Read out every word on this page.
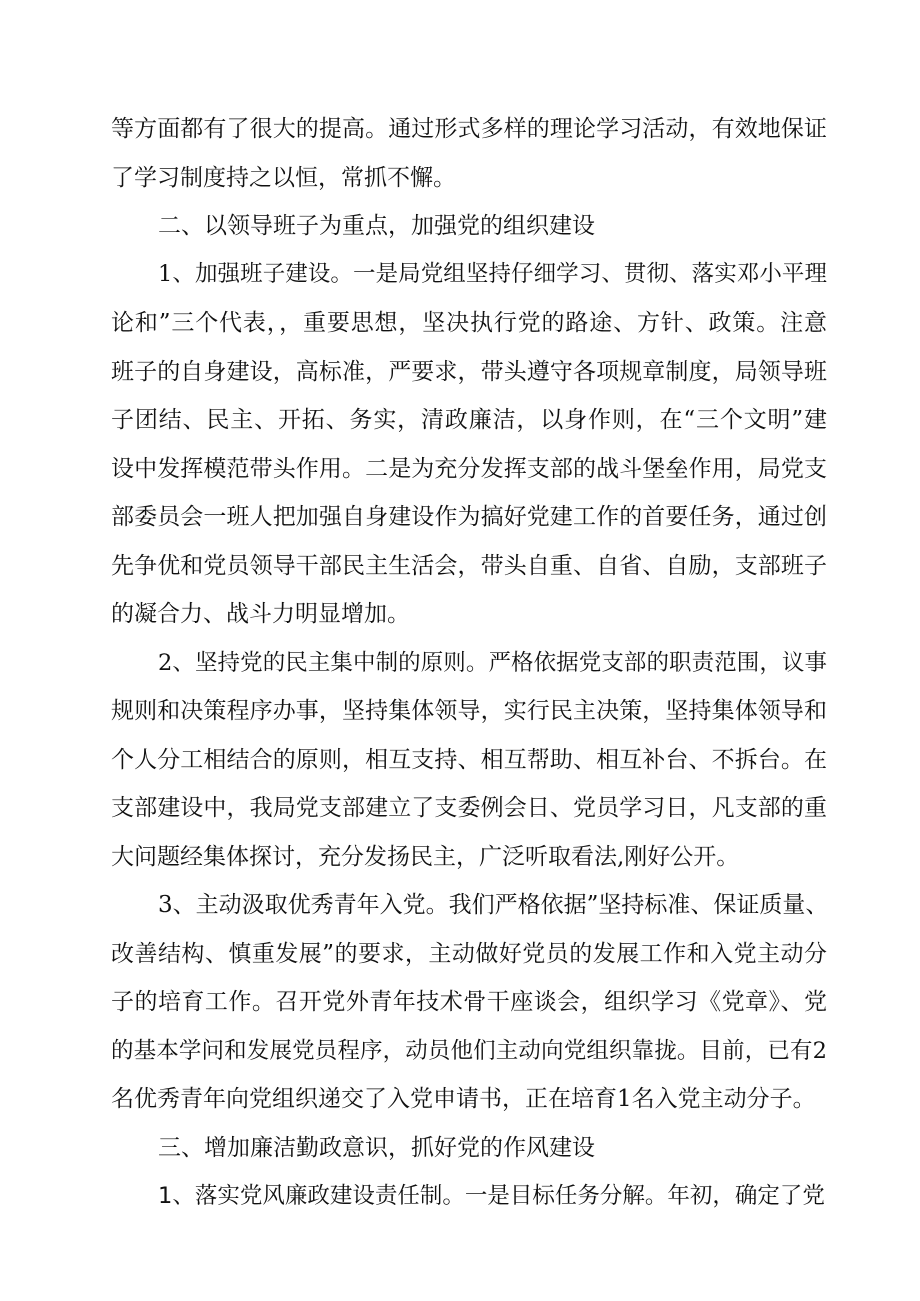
等方面都有了很大的提高。通过形式多样的理论学习活动，有效地保证
了学习制度持之以恒，常抓不懈。
二、以领导班子为重点，加强党的组织建设
1、加强班子建设。一是局党组坚持仔细学习、贯彻、落实邓小平理
论和”三个代表，，重要思想，坚决执行党的路途、方针、政策。注意
班子的自身建设，高标准，严要求，带头遵守各项规章制度，局领导班
子团结、民主、开拓、务实，清政廉洁，以身作则，在“三个文明”建
设中发挥模范带头作用。二是为充分发挥支部的战斗堡垒作用，局党支
部委员会一班人把加强自身建设作为搞好党建工作的首要任务，通过创
先争优和党员领导干部民主生活会，带头自重、自省、自励，支部班子
的凝合力、战斗力明显增加。
2、坚持党的民主集中制的原则。严格依据党支部的职责范围，议事
规则和决策程序办事，坚持集体领导，实行民主决策，坚持集体领导和
个人分工相结合的原则，相互支持、相互帮助、相互补台、不拆台。在
支部建设中，我局党支部建立了支委例会日、党员学习日，凡支部的重
大问题经集体探讨，充分发扬民主，广泛听取看法,刚好公开。
3、主动汲取优秀青年入党。我们严格依据”坚持标准、保证质量、
改善结构、慎重发展”的要求，主动做好党员的发展工作和入党主动分
子的培育工作。召开党外青年技术骨干座谈会，组织学习《党章》、党
的基本学问和发展党员程序，动员他们主动向党组织靠拢。目前，已有2
名优秀青年向党组织递交了入党申请书，正在培育1名入党主动分子。
三、增加廉洁勤政意识，抓好党的作风建设
1、落实党风廉政建设责任制。一是目标任务分解。年初，确定了党
